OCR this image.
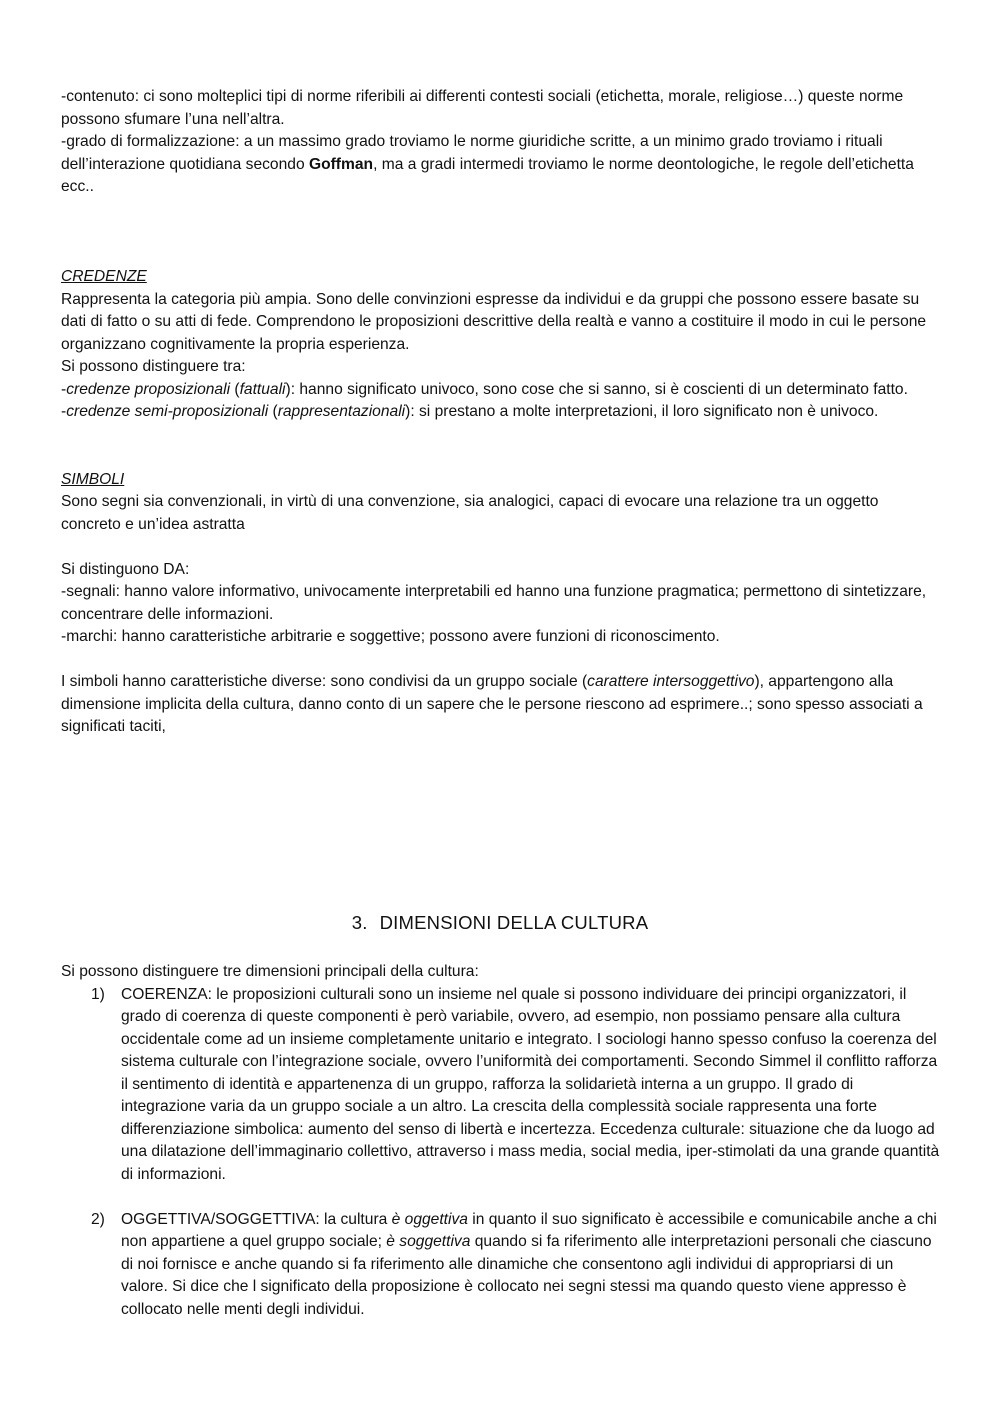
-contenuto: ci sono molteplici tipi di norme riferibili ai differenti contesti sociali (etichetta, morale, religiose…) queste norme possono sfumare l’una nell’altra.

-grado di formalizzazione: a un massimo grado troviamo le norme giuridiche scritte, a un minimo grado troviamo i rituali dell’interazione quotidiana secondo Goffman, ma a gradi intermedi troviamo le norme deontologiche, le regole dell’etichetta ecc..

CREDENZE

Rappresenta la categoria più ampia. Sono delle convinzioni espresse da individui e da gruppi che possono essere basate su dati di fatto o su atti di fede. Comprendono le proposizioni descrittive della realtà e vanno a costituire il modo in cui le persone organizzano cognitivamente la propria esperienza.

Si possono distinguere tra:

-credenze proposizionali (fattuali): hanno significato univoco, sono cose che si sanno, si è coscienti di un determinato fatto.

-credenze semi-proposizionali (rappresentazionali): si prestano a molte interpretazioni, il loro significato non è univoco.

SIMBOLI

Sono segni sia convenzionali, in virtù di una convenzione, sia analogici, capaci di evocare una relazione tra un oggetto concreto e un’idea astratta

Si distinguono DA:

-segnali: hanno valore informativo, univocamente interpretabili ed hanno una funzione pragmatica; permettono di sintetizzare, concentrare delle informazioni.

-marchi: hanno caratteristiche arbitrarie e soggettive; possono avere funzioni di riconoscimento.

I simboli hanno caratteristiche diverse: sono condivisi da un gruppo sociale (carattere intersoggettivo), appartengono alla dimensione implicita della cultura, danno conto di un sapere che le persone riescono ad esprimere..; sono spesso associati a significati taciti,

3. DIMENSIONI DELLA CULTURA

Si possono distinguere tre dimensioni principali della cultura:

1)	COERENZA: le proposizioni culturali sono un insieme nel quale si possono individuare dei principi organizzatori, il grado di coerenza di queste componenti è però variabile, ovvero, ad esempio, non possiamo pensare alla cultura occidentale come ad un insieme completamente unitario e integrato. I sociologi hanno spesso confuso la coerenza del sistema culturale con l’integrazione sociale, ovvero l’uniformità dei comportamenti. Secondo Simmel il conflitto rafforza il sentimento di identità e appartenenza di un gruppo, rafforza la solidarietà interna a un gruppo. Il grado di integrazione varia da un gruppo sociale a un altro. La crescita della complessità sociale rappresenta una forte differenziazione simbolica: aumento del senso di libertà e incertezza. Eccedenza culturale: situazione che da luogo ad una dilatazione dell’immaginario collettivo, attraverso i mass media, social media, iper-stimolati da una grande quantità di informazioni.

2)	OGGETTIVA/SOGGETTIVA: la cultura è oggettiva in quanto il suo significato è accessibile e comunicabile anche a chi non appartiene a quel gruppo sociale; è soggettiva quando si fa riferimento alle interpretazioni personali che ciascuno di noi fornisce e anche quando si fa riferimento alle dinamiche che consentono agli individui di appropriarsi di un valore. Si dice che l significato della proposizione è collocato nei segni stessi ma quando questo viene appresso è collocato nelle menti degli individui.
